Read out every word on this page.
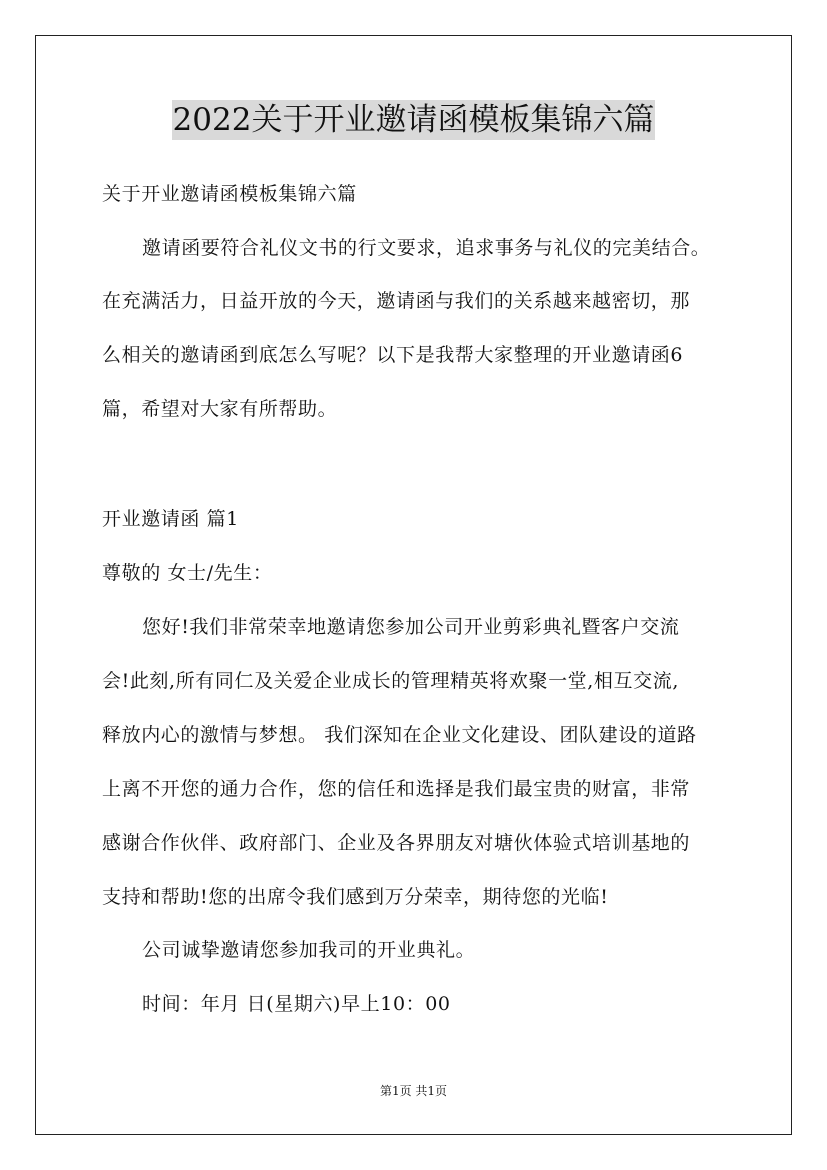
2022关于开业邀请函模板集锦六篇
关于开业邀请函模板集锦六篇
邀请函要符合礼仪文书的行文要求，追求事务与礼仪的完美结合。
在充满活力，日益开放的今天，邀请函与我们的关系越来越密切，那
么相关的邀请函到底怎么写呢？以下是我帮大家整理的开业邀请函6
篇，希望对大家有所帮助。
开业邀请函 篇1
尊敬的 女士/先生：
您好!我们非常荣幸地邀请您参加公司开业剪彩典礼暨客户交流
会!此刻,所有同仁及关爱企业成长的管理精英将欢聚一堂,相互交流,
释放内心的激情与梦想。 我们深知在企业文化建设、团队建设的道路
上离不开您的通力合作，您的信任和选择是我们最宝贵的财富，非常
感谢合作伙伴、政府部门、企业及各界朋友对塘伙体验式培训基地的
支持和帮助!您的出席令我们感到万分荣幸，期待您的光临!
公司诚挚邀请您参加我司的开业典礼。
时间：年月 日(星期六)早上10：00
第1页 共1页
